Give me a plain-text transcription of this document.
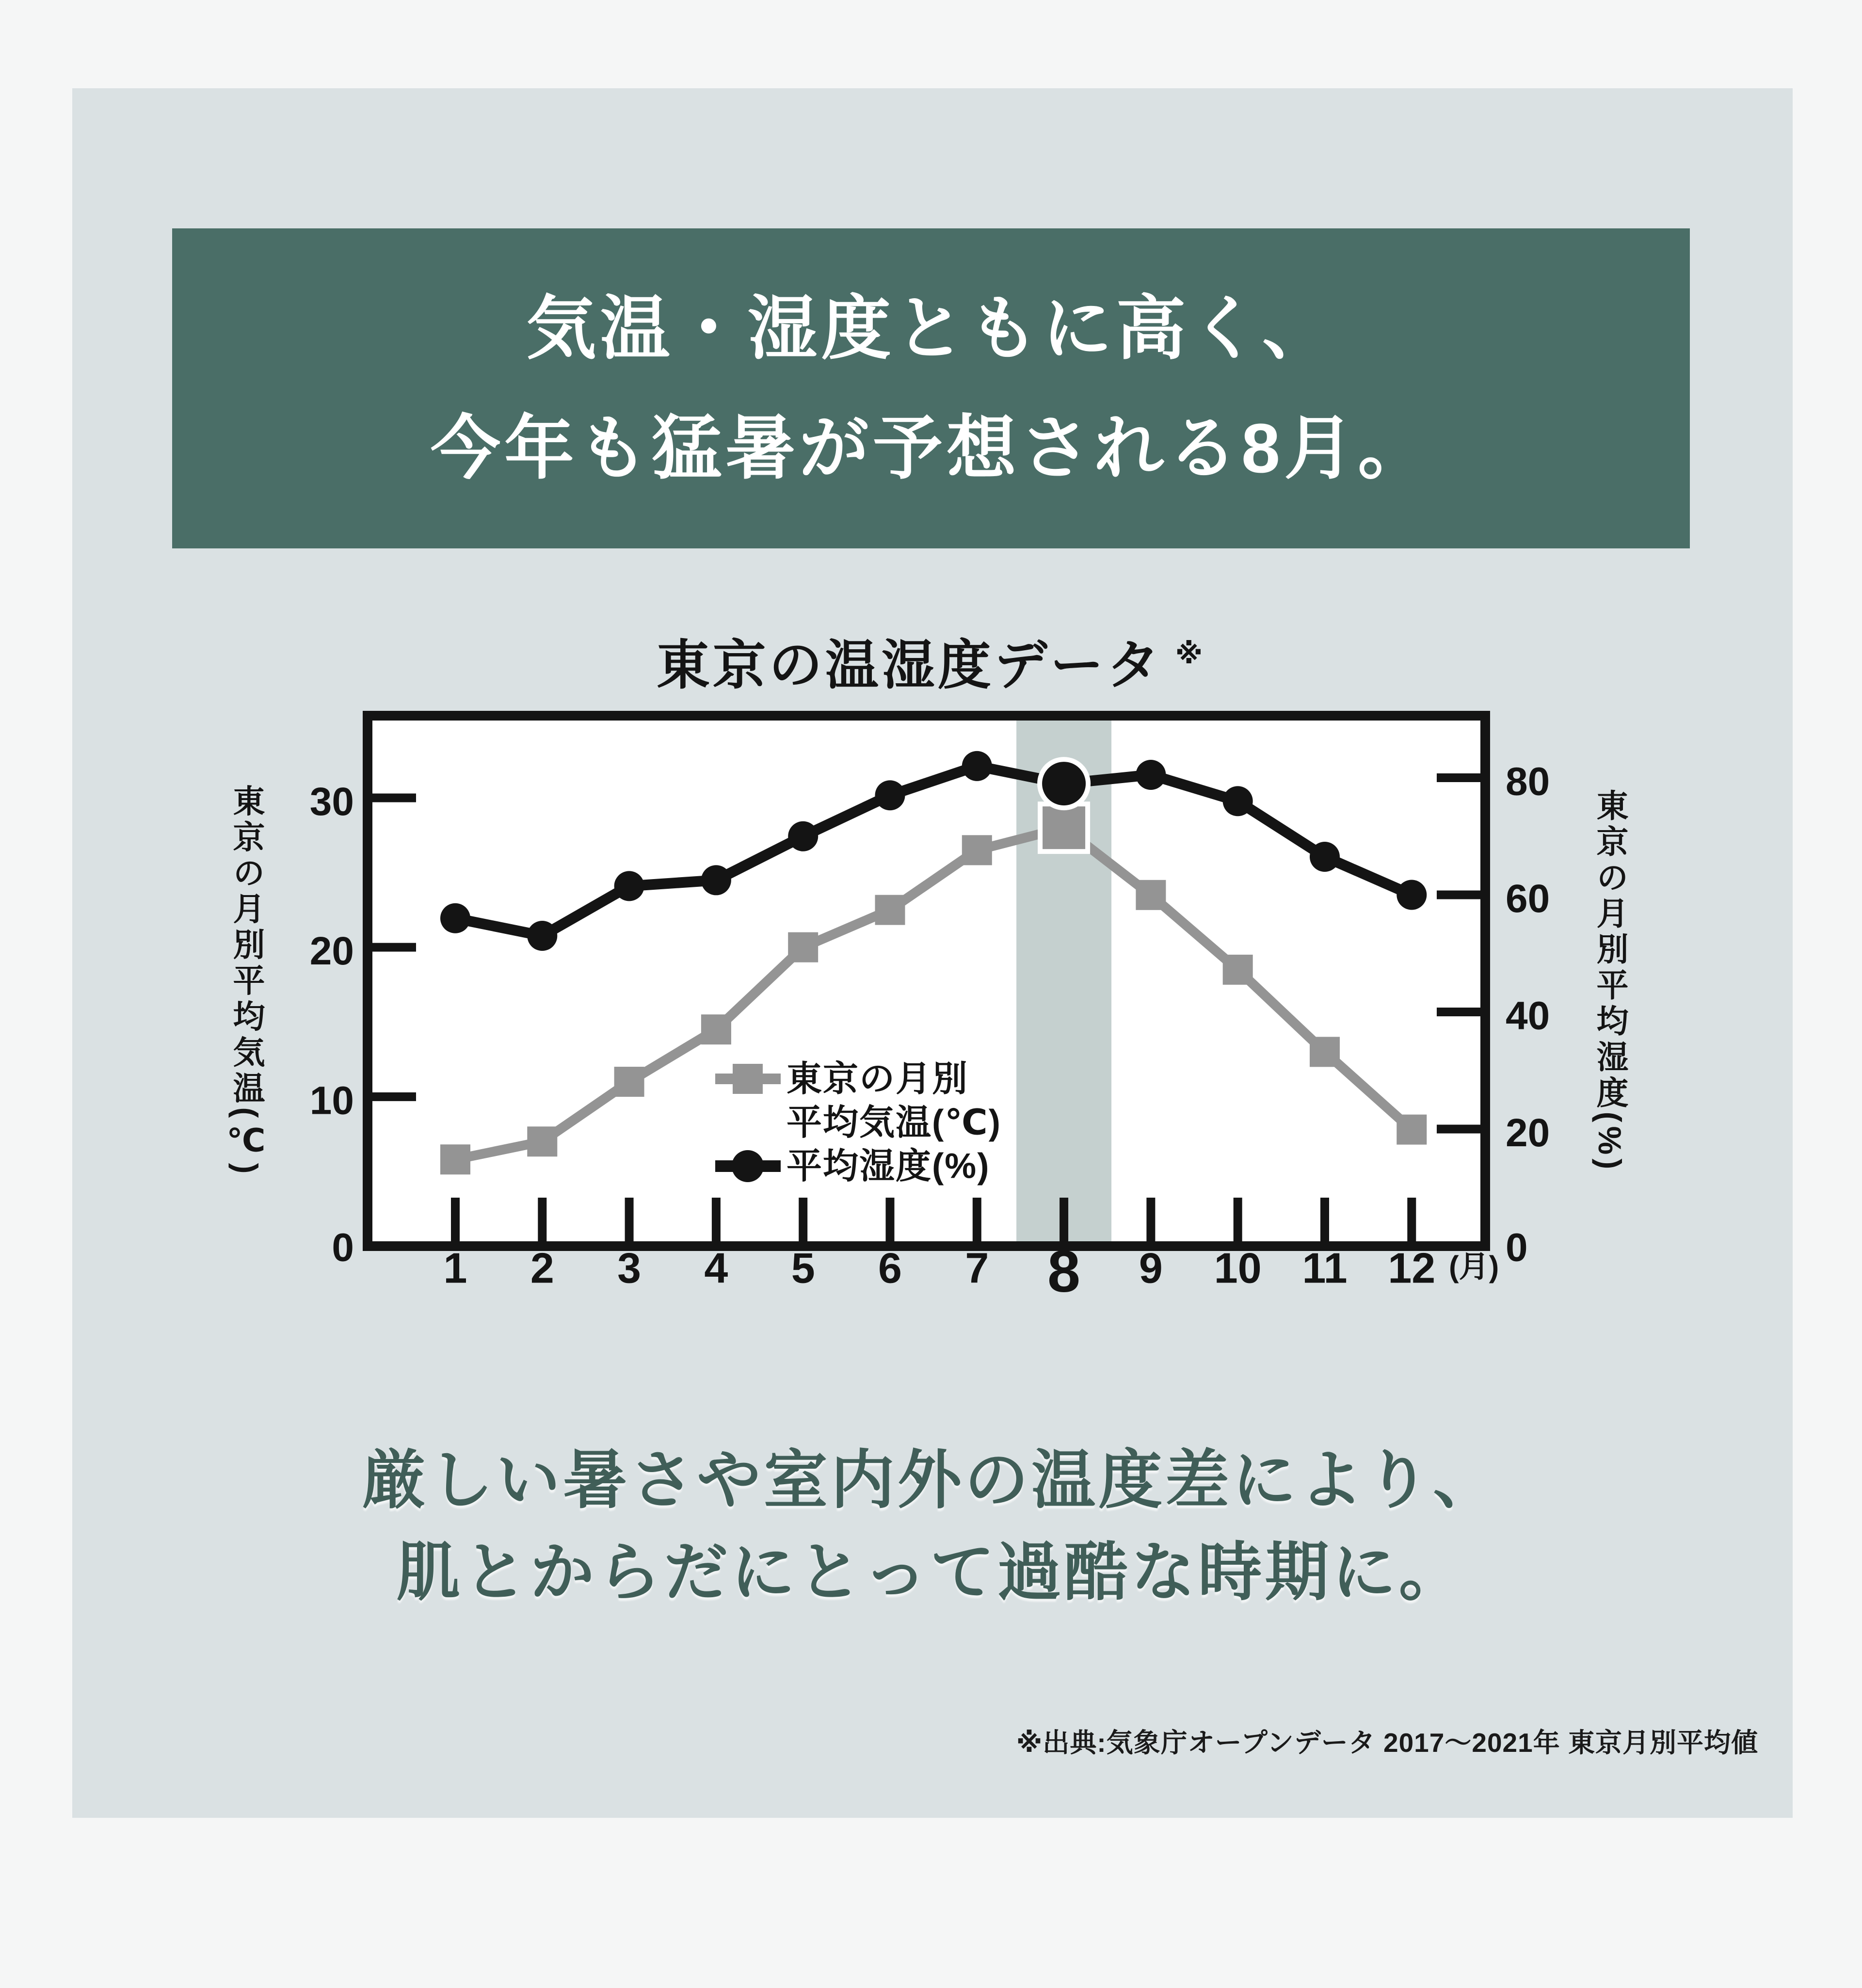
気温・湿度ともに高く、
今年も猛暑が予想される8月。
東京の温湿度データ ※
0
10
20
30
0
20
40
60
80
1 2 3 4 5 6 7 8 9 10 11 12 (月)
東京の月別平均気温(℃)	東京の月別平均湿度(%)
東京の月別
平均気温(℃)
平均湿度(%)
厳しい暑さや室内外の温度差により、
肌とからだにとって過酷な時期に。
※出典:気象庁オープンデータ 2017〜2021年 東京月別平均値
